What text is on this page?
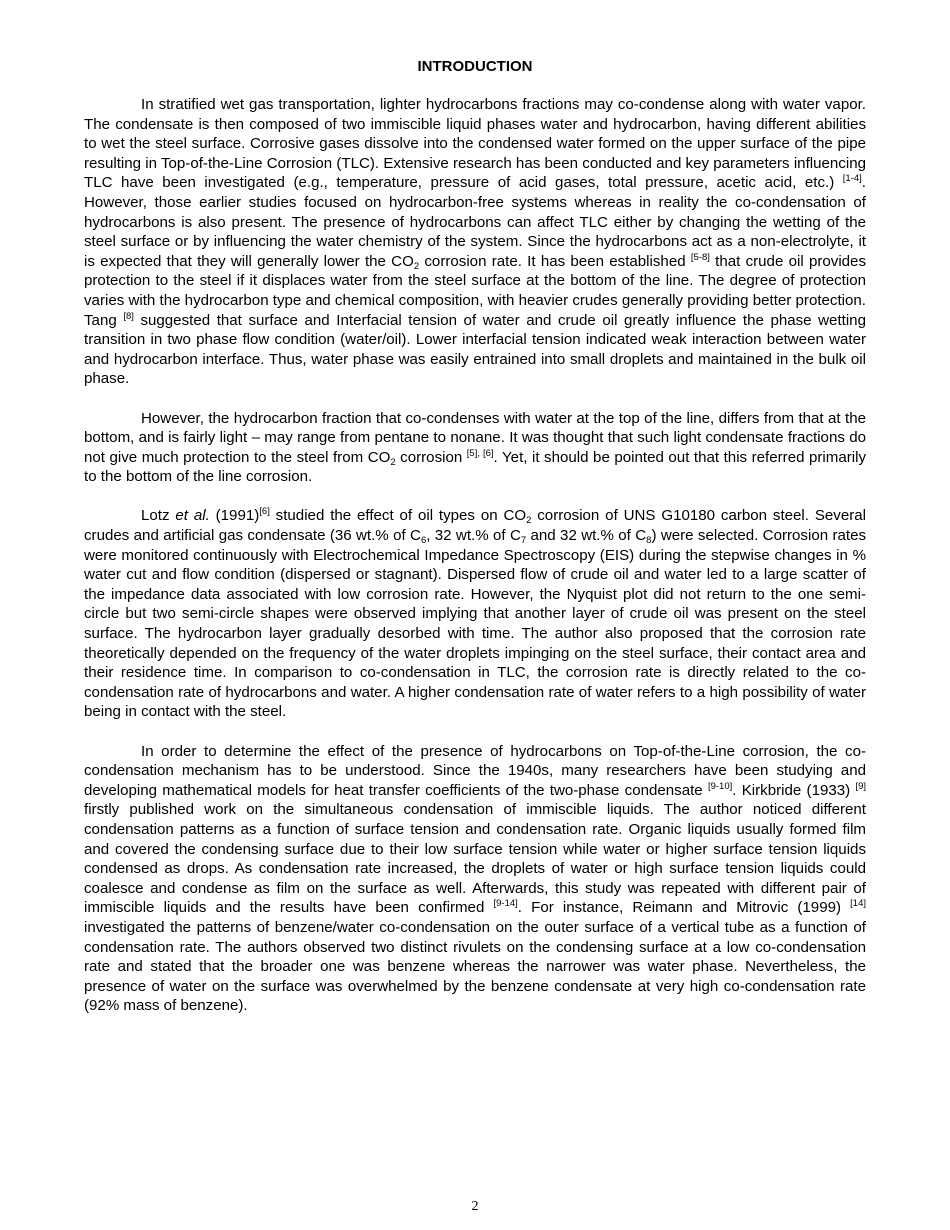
INTRODUCTION

In stratified wet gas transportation, lighter hydrocarbons fractions may co-condense along with water vapor. The condensate is then composed of two immiscible liquid phases water and hydrocarbon, having different abilities to wet the steel surface. Corrosive gases dissolve into the condensed water formed on the upper surface of the pipe resulting in Top-of-the-Line Corrosion (TLC). Extensive research has been conducted and key parameters influencing TLC have been investigated (e.g., temperature, pressure of acid gases, total pressure, acetic acid, etc.) [1-4]. However, those earlier studies focused on hydrocarbon-free systems whereas in reality the co-condensation of hydrocarbons is also present. The presence of hydrocarbons can affect TLC either by changing the wetting of the steel surface or by influencing the water chemistry of the system. Since the hydrocarbons act as a non-electrolyte, it is expected that they will generally lower the $CO_2$ corrosion rate. It has been established [5-8] that crude oil provides protection to the steel if it displaces water from the steel surface at the bottom of the line. The degree of protection varies with the hydrocarbon type and chemical composition, with heavier crudes generally providing better protection. Tang [8] suggested that surface and Interfacial tension of water and crude oil greatly influence the phase wetting transition in two phase flow condition (water/oil). Lower interfacial tension indicated weak interaction between water and hydrocarbon interface. Thus, water phase was easily entrained into small droplets and maintained in the bulk oil phase.

However, the hydrocarbon fraction that co-condenses with water at the top of the line, differs from that at the bottom, and is fairly light – may range from pentane to nonane. It was thought that such light condensate fractions do not give much protection to the steel from $CO_2$ corrosion [5], [6]. Yet, it should be pointed out that this referred primarily to the bottom of the line corrosion.

Lotz et al. (1991)[6] studied the effect of oil types on $CO_2$ corrosion of UNS G10180 carbon steel. Several crudes and artificial gas condensate (36 wt.% of $C_6$, 32 wt.% of $C_7$ and 32 wt.% of $C_8$) were selected. Corrosion rates were monitored continuously with Electrochemical Impedance Spectroscopy (EIS) during the stepwise changes in % water cut and flow condition (dispersed or stagnant). Dispersed flow of crude oil and water led to a large scatter of the impedance data associated with low corrosion rate. However, the Nyquist plot did not return to the one semi-circle but two semi-circle shapes were observed implying that another layer of crude oil was present on the steel surface. The hydrocarbon layer gradually desorbed with time. The author also proposed that the corrosion rate theoretically depended on the frequency of the water droplets impinging on the steel surface, their contact area and their residence time. In comparison to co-condensation in TLC, the corrosion rate is directly related to the co-condensation rate of hydrocarbons and water. A higher condensation rate of water refers to a high possibility of water being in contact with the steel.

In order to determine the effect of the presence of hydrocarbons on Top-of-the-Line corrosion, the co-condensation mechanism has to be understood. Since the 1940s, many researchers have been studying and developing mathematical models for heat transfer coefficients of the two-phase condensate [9-10]. Kirkbride (1933) [9] firstly published work on the simultaneous condensation of immiscible liquids. The author noticed different condensation patterns as a function of surface tension and condensation rate. Organic liquids usually formed film and covered the condensing surface due to their low surface tension while water or higher surface tension liquids condensed as drops. As condensation rate increased, the droplets of water or high surface tension liquids could coalesce and condense as film on the surface as well. Afterwards, this study was repeated with different pair of immiscible liquids and the results have been confirmed [9-14]. For instance, Reimann and Mitrovic (1999) [14] investigated the patterns of benzene/water co-condensation on the outer surface of a vertical tube as a function of condensation rate. The authors observed two distinct rivulets on the condensing surface at a low co-condensation rate and stated that the broader one was benzene whereas the narrower was water phase. Nevertheless, the presence of water on the surface was overwhelmed by the benzene condensate at very high co-condensation rate (92% mass of benzene).

2
